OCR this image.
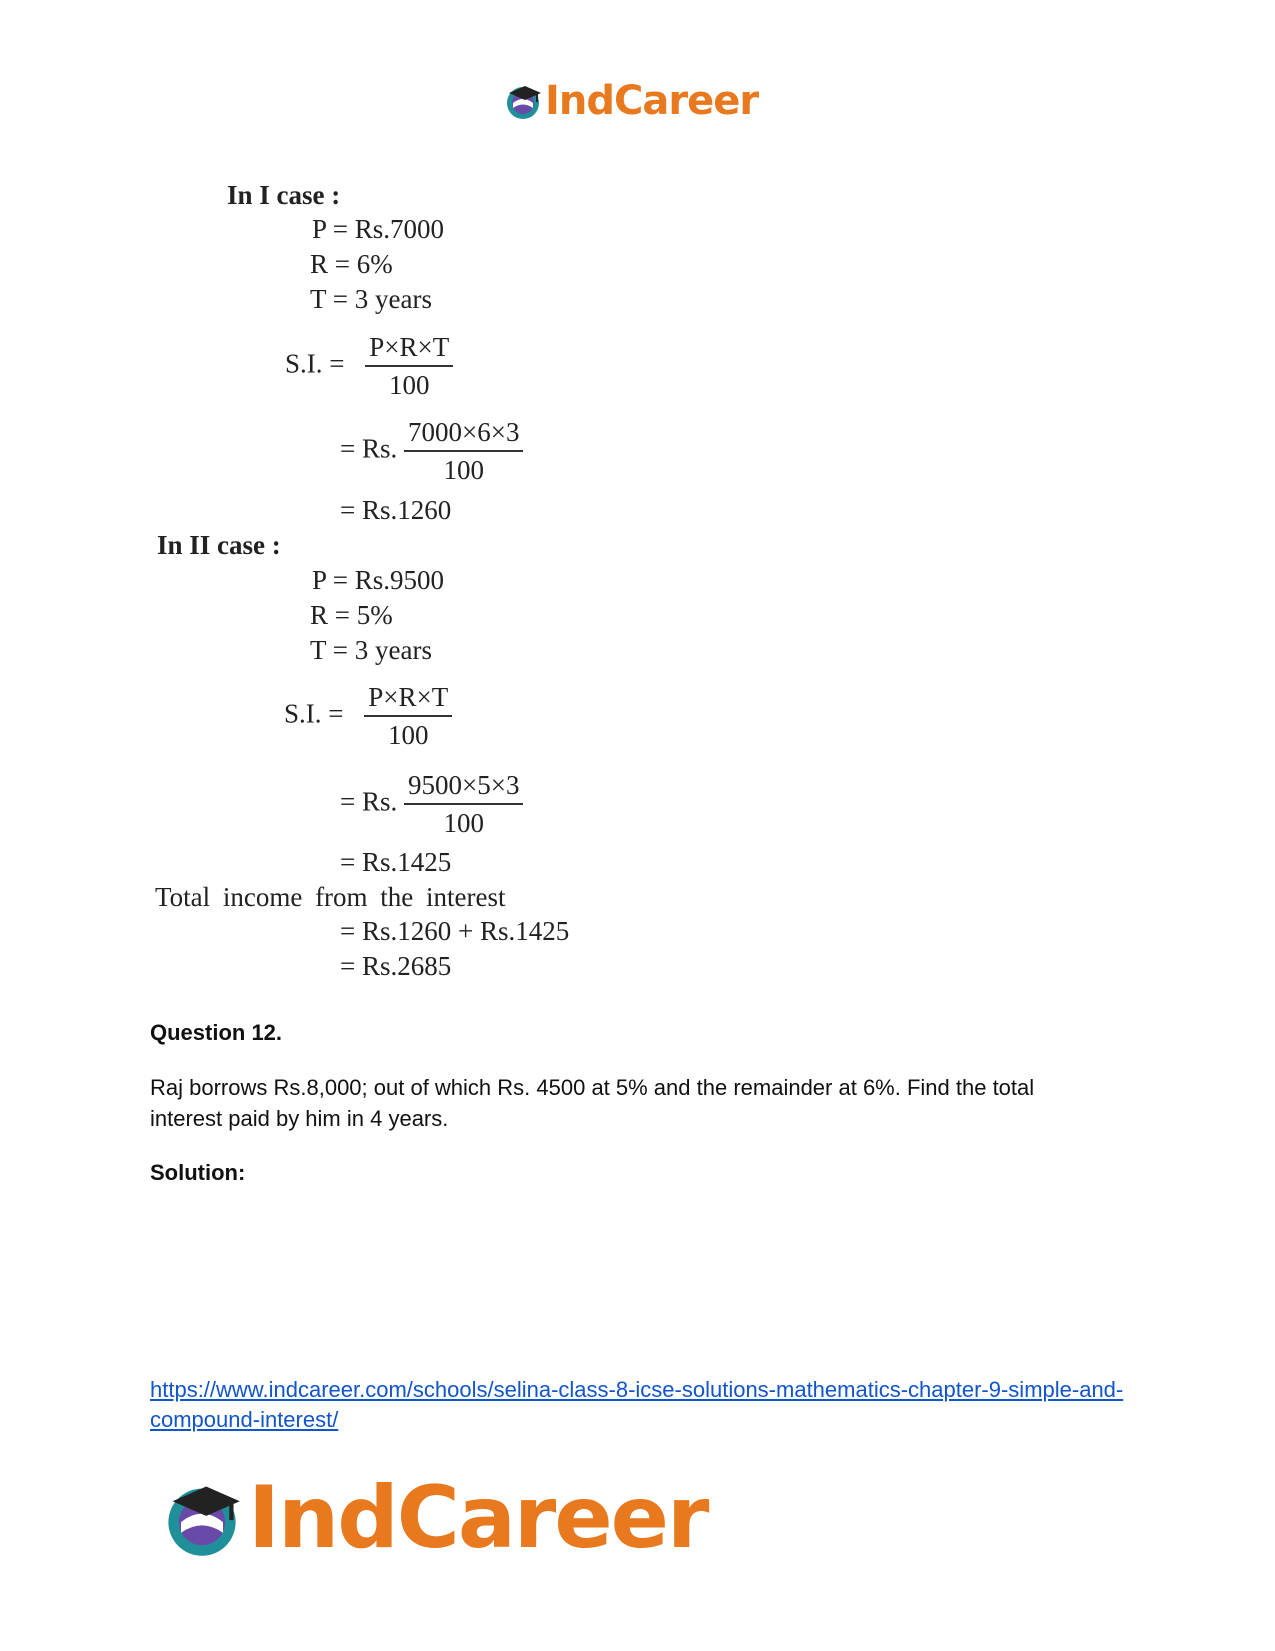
IndCareer
In I case :
P = Rs.7000
R = 6%
T = 3 years
S.I. = $\frac{P\times R\times T}{100}$
= Rs. $\frac{7000\times 6\times 3}{100}$
= Rs.1260
In II case :
P = Rs.9500
R = 5%
T = 3 years
S.I. = $\frac{P\times R\times T}{100}$
= Rs. $\frac{9500\times 5\times 3}{100}$
= Rs.1425
Total income from the interest
= Rs.1260 + Rs.1425
= Rs.2685
Question 12.
Raj borrows Rs.8,000; out of which Rs. 4500 at 5% and the remainder at 6%. Find the total interest paid by him in 4 years.
Solution:
https://www.indcareer.com/schools/selina-class-8-icse-solutions-mathematics-chapter-9-simple-and-compound-interest/
IndCareer
